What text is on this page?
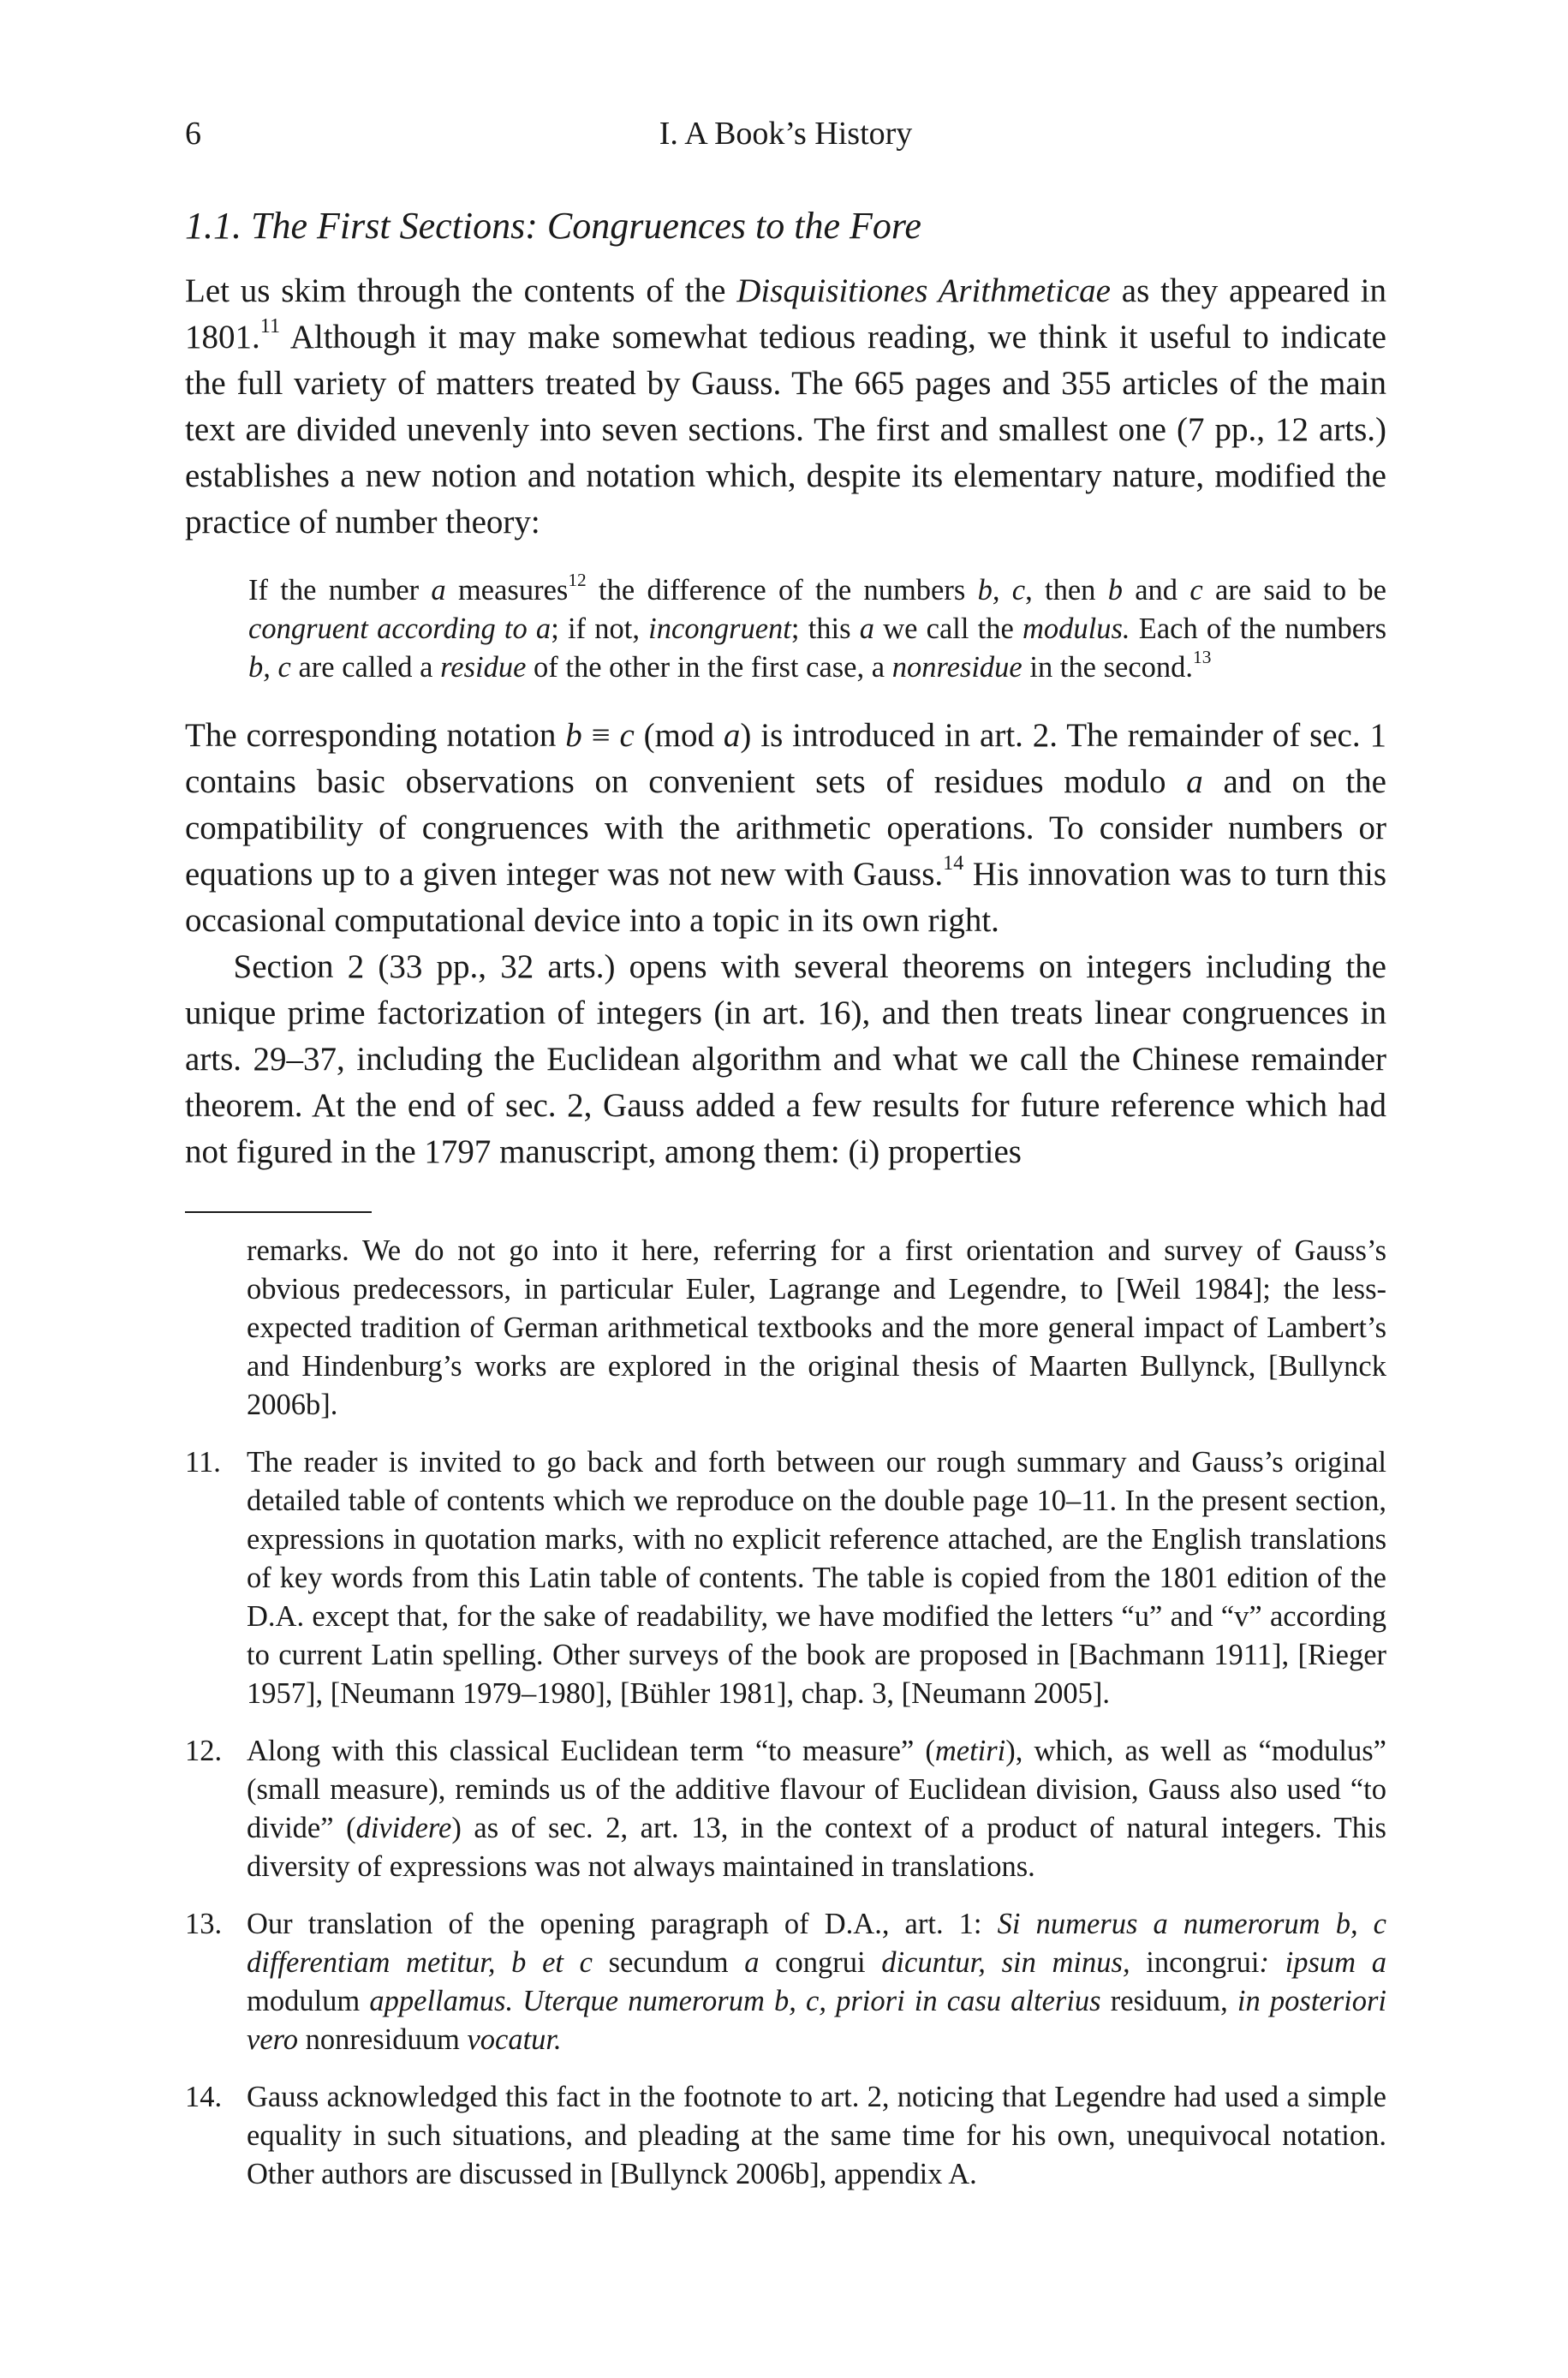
6	I. A Book’s History
1.1. The First Sections: Congruences to the Fore

Let us skim through the contents of the Disquisitiones Arithmeticae as they appeared in 1801.11 Although it may make somewhat tedious reading, we think it useful to indicate the full variety of matters treated by Gauss. The 665 pages and 355 articles of the main text are divided unevenly into seven sections. The first and smallest one (7 pp., 12 arts.) establishes a new notion and notation which, despite its elementary nature, modified the practice of number theory:

If the number a measures$^{12}$ the difference of the numbers b, c, then b and c are said to be congruent according to a; if not, incongruent; this a we call the modulus. Each of the numbers b, c are called a residue of the other in the first case, a nonresidue in the second.$^{13}$

The corresponding notation b ≡ c (mod a) is introduced in art. 2. The remainder of sec. 1 contains basic observations on convenient sets of residues modulo a and on the compatibility of congruences with the arithmetic operations. To consider numbers or equations up to a given integer was not new with Gauss.$^{14}$ His innovation was to turn this occasional computational device into a topic in its own right.

Section 2 (33 pp., 32 arts.) opens with several theorems on integers including the unique prime factorization of integers (in art. 16), and then treats linear congruences in arts. 29–37, including the Euclidean algorithm and what we call the Chinese remainder theorem. At the end of sec. 2, Gauss added a few results for future reference which had not figured in the 1797 manuscript, among them: (i) properties

remarks. We do not go into it here, referring for a first orientation and survey of Gauss’s obvious predecessors, in particular Euler, Lagrange and Legendre, to [Weil 1984]; the less-expected tradition of German arithmetical textbooks and the more general impact of Lambert’s and Hindenburg’s works are explored in the original thesis of Maarten Bullynck, [Bullynck 2006b].
11. The reader is invited to go back and forth between our rough summary and Gauss’s original detailed table of contents which we reproduce on the double page 10–11. In the present section, expressions in quotation marks, with no explicit reference attached, are the English translations of key words from this Latin table of contents. The table is copied from the 1801 edition of the D.A. except that, for the sake of readability, we have modified the letters “u” and “v” according to current Latin spelling. Other surveys of the book are proposed in [Bachmann 1911], [Rieger 1957], [Neumann 1979–1980], [Bühler 1981], chap. 3, [Neumann 2005].
12. Along with this classical Euclidean term “to measure” (metiri), which, as well as “modulus” (small measure), reminds us of the additive flavour of Euclidean division, Gauss also used “to divide” (dividere) as of sec. 2, art. 13, in the context of a product of natural integers. This diversity of expressions was not always maintained in translations.
13. Our translation of the opening paragraph of D.A., art. 1: Si numerus a numerorum b, c differentiam metitur, b et c secundum a congrui dicuntur, sin minus, incongrui: ipsum a modulum appellamus. Uterque numerorum b, c, priori in casu alterius residuum, in posteriori vero nonresiduum vocatur.
14. Gauss acknowledged this fact in the footnote to art. 2, noticing that Legendre had used a simple equality in such situations, and pleading at the same time for his own, unequivocal notation. Other authors are discussed in [Bullynck 2006b], appendix A.
